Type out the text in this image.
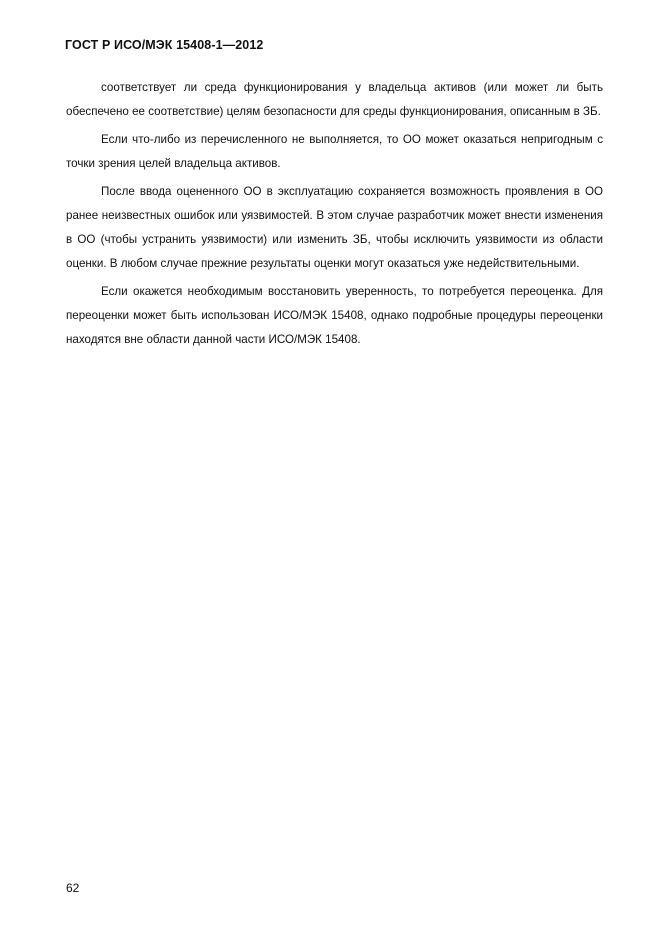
ГОСТ Р ИСО/МЭК 15408-1—2012

соответствует ли среда функционирования у владельца активов (или может ли быть обеспечено ее соответствие) целям безопасности для среды функционирования, описанным в ЗБ.

Если что-либо из перечисленного не выполняется, то ОО может оказаться непригодным с точки зрения целей владельца активов.

После ввода оцененного ОО в эксплуатацию сохраняется возможность проявления в ОО ранее неизвестных ошибок или уязвимостей. В этом случае разработчик может внести изменения в ОО (чтобы устранить уязвимости) или изменить ЗБ, чтобы исключить уязвимости из области оценки. В любом случае прежние результаты оценки могут оказаться уже недействительными.

Если окажется необходимым восстановить уверенность, то потребуется переоценка. Для переоценки может быть использован ИСО/МЭК 15408, однако подробные процедуры переоценки находятся вне области данной части ИСО/МЭК 15408.

62
